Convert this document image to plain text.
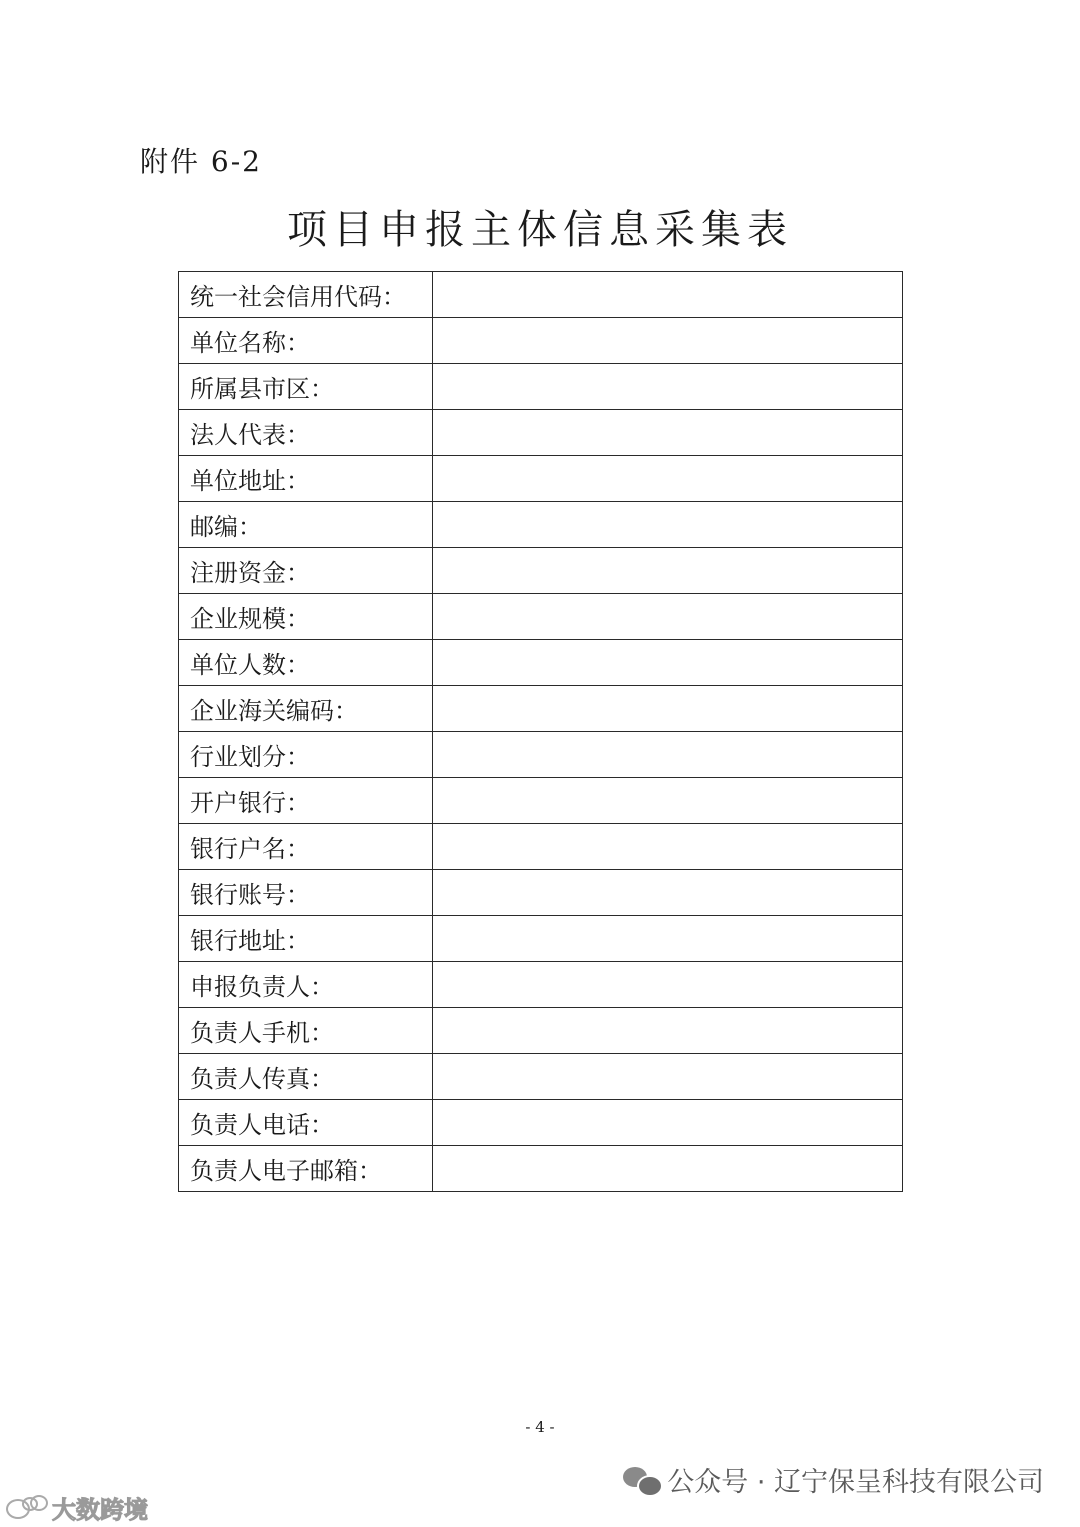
附件 6-2
项目申报主体信息采集表
统一社会信用代码：	
单位名称：	
所属县市区：	
法人代表：	
单位地址：	
邮编：	
注册资金：	
企业规模：	
单位人数：	
企业海关编码：	
行业划分：	
开户银行：	
银行户名：	
银行账号：	
银行地址：	
申报负责人：	
负责人手机：	
负责人传真：	
负责人电话：	
负责人电子邮箱：	
- 4 -
公众号 · 辽宁保呈科技有限公司
大数跨境
